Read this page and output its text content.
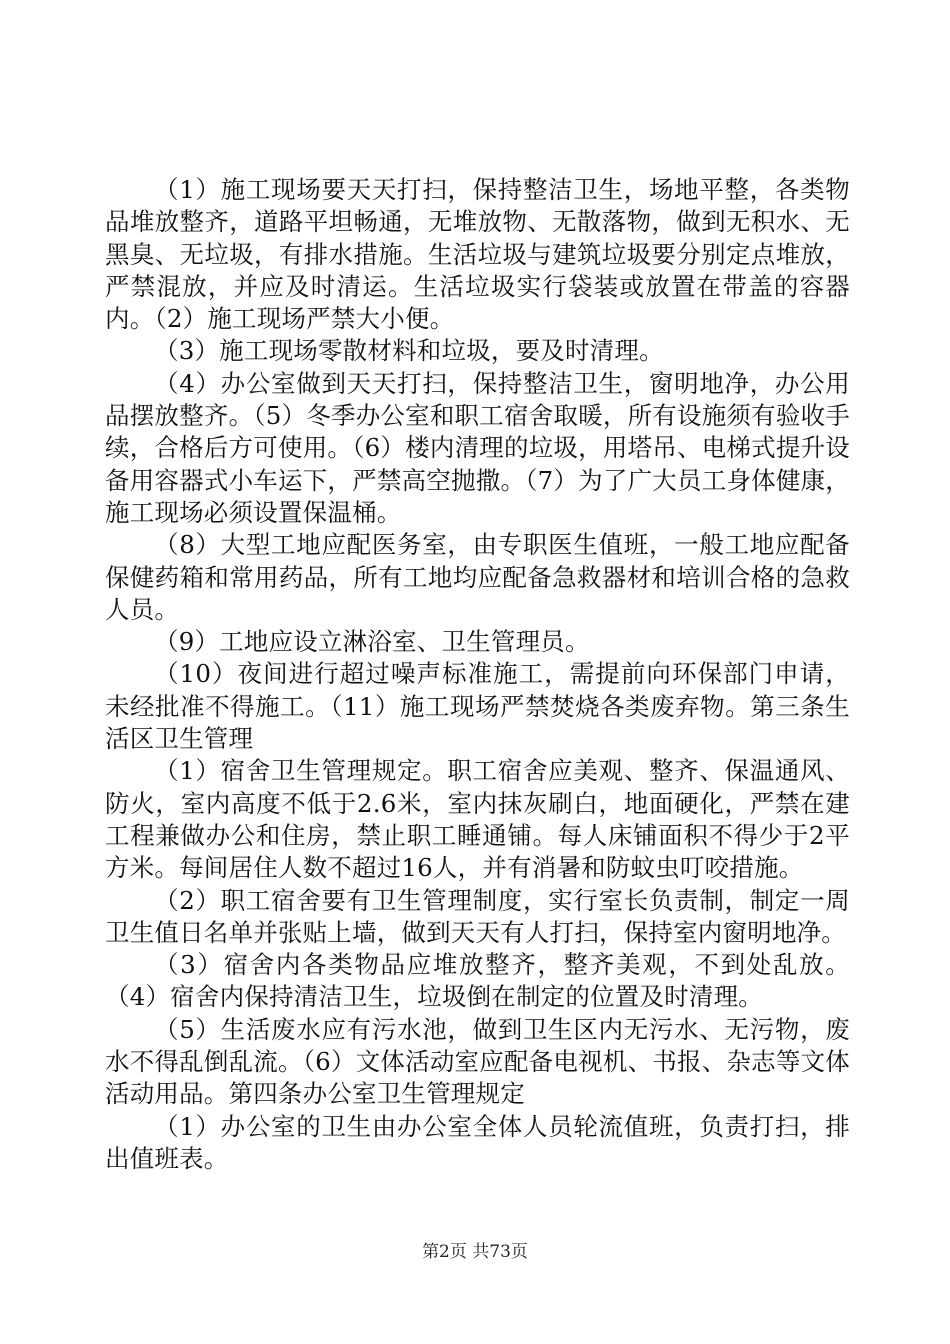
（1）施工现场要天天打扫，保持整洁卫生，场地平整，各类物品堆放整齐，道路平坦畅通，无堆放物、无散落物，做到无积水、无黑臭、无垃圾，有排水措施。生活垃圾与建筑垃圾要分别定点堆放，严禁混放，并应及时清运。生活垃圾实行袋装或放置在带盖的容器内。（2）施工现场严禁大小便。

（3）施工现场零散材料和垃圾，要及时清理。

（4）办公室做到天天打扫，保持整洁卫生，窗明地净，办公用品摆放整齐。（5）冬季办公室和职工宿舍取暖，所有设施须有验收手续，合格后方可使用。（6）楼内清理的垃圾，用塔吊、电梯式提升设备用容器式小车运下，严禁高空抛撒。（7）为了广大员工身体健康，施工现场必须设置保温桶。

（8）大型工地应配医务室，由专职医生值班，一般工地应配备保健药箱和常用药品，所有工地均应配备急救器材和培训合格的急救人员。

（9）工地应设立淋浴室、卫生管理员。

（10）夜间进行超过噪声标准施工，需提前向环保部门申请，未经批准不得施工。（11）施工现场严禁焚烧各类废弃物。第三条生活区卫生管理

（1）宿舍卫生管理规定。职工宿舍应美观、整齐、保温通风、防火，室内高度不低于2.6米，室内抹灰刷白，地面硬化，严禁在建工程兼做办公和住房，禁止职工睡通铺。每人床铺面积不得少于2平方米。每间居住人数不超过16人，并有消暑和防蚊虫叮咬措施。

（2）职工宿舍要有卫生管理制度，实行室长负责制，制定一周卫生值日名单并张贴上墙，做到天天有人打扫，保持室内窗明地净。

（3）宿舍内各类物品应堆放整齐，整齐美观，不到处乱放。（4）宿舍内保持清洁卫生，垃圾倒在制定的位置及时清理。

（5）生活废水应有污水池，做到卫生区内无污水、无污物，废水不得乱倒乱流。（6）文体活动室应配备电视机、书报、杂志等文体活动用品。第四条办公室卫生管理规定

（1）办公室的卫生由办公室全体人员轮流值班，负责打扫，排出值班表。

第2页 共73页
